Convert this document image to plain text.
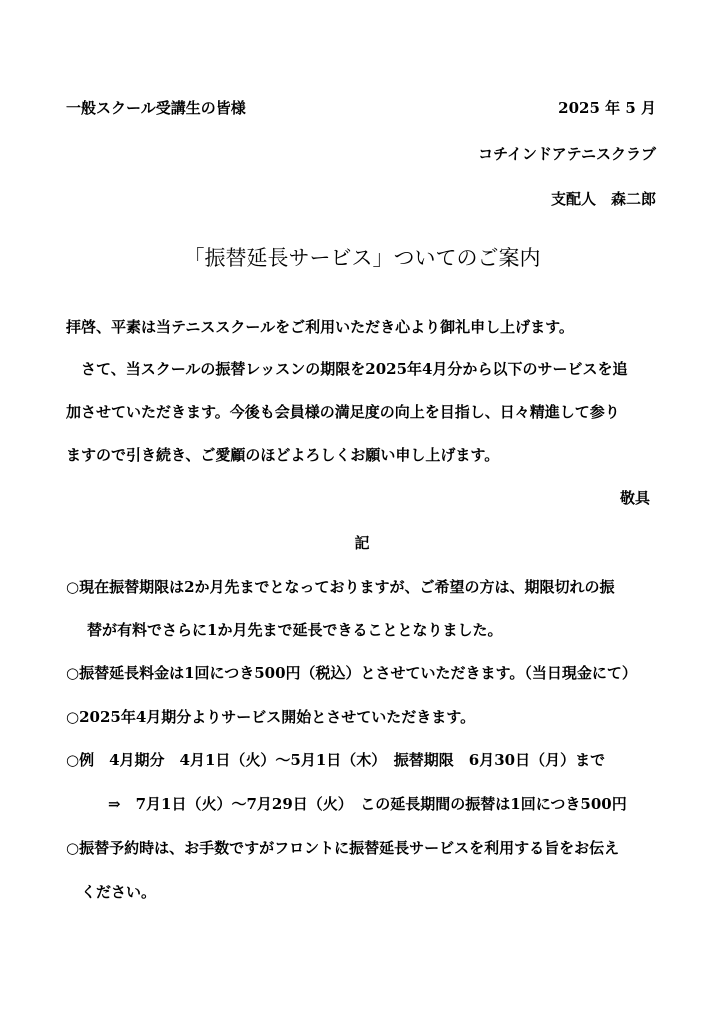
一般スクール受講生の皆様	2025 年 5 月
コチインドアテニスクラブ
支配人　森二郎
「振替延長サービス」ついてのご案内
拝啓、平素は当テニススクールをご利用いただき心より御礼申し上げます。
さて、当スクールの振替レッスンの期限を2025年4月分から以下のサービスを追
加させていただきます。今後も会員様の満足度の向上を目指し、日々精進して参り
ますので引き続き、ご愛顧のほどよろしくお願い申し上げます。
敬具
記
○現在振替期限は2か月先までとなっておりますが、ご希望の方は、期限切れの振
替が有料でさらに1か月先まで延長できることとなりました。
○振替延長料金は1回につき500円（税込）とさせていただきます。（当日現金にて）
○2025年4月期分よりサービス開始とさせていただきます。
○例　4月期分　4月1日（火）～5月1日（木）　振替期限　6月30日（月）まで
⇒　7月1日（火）～7月29日（火）　この延長期間の振替は1回につき500円
○振替予約時は、お手数ですがフロントに振替延長サービスを利用する旨をお伝え
ください。
